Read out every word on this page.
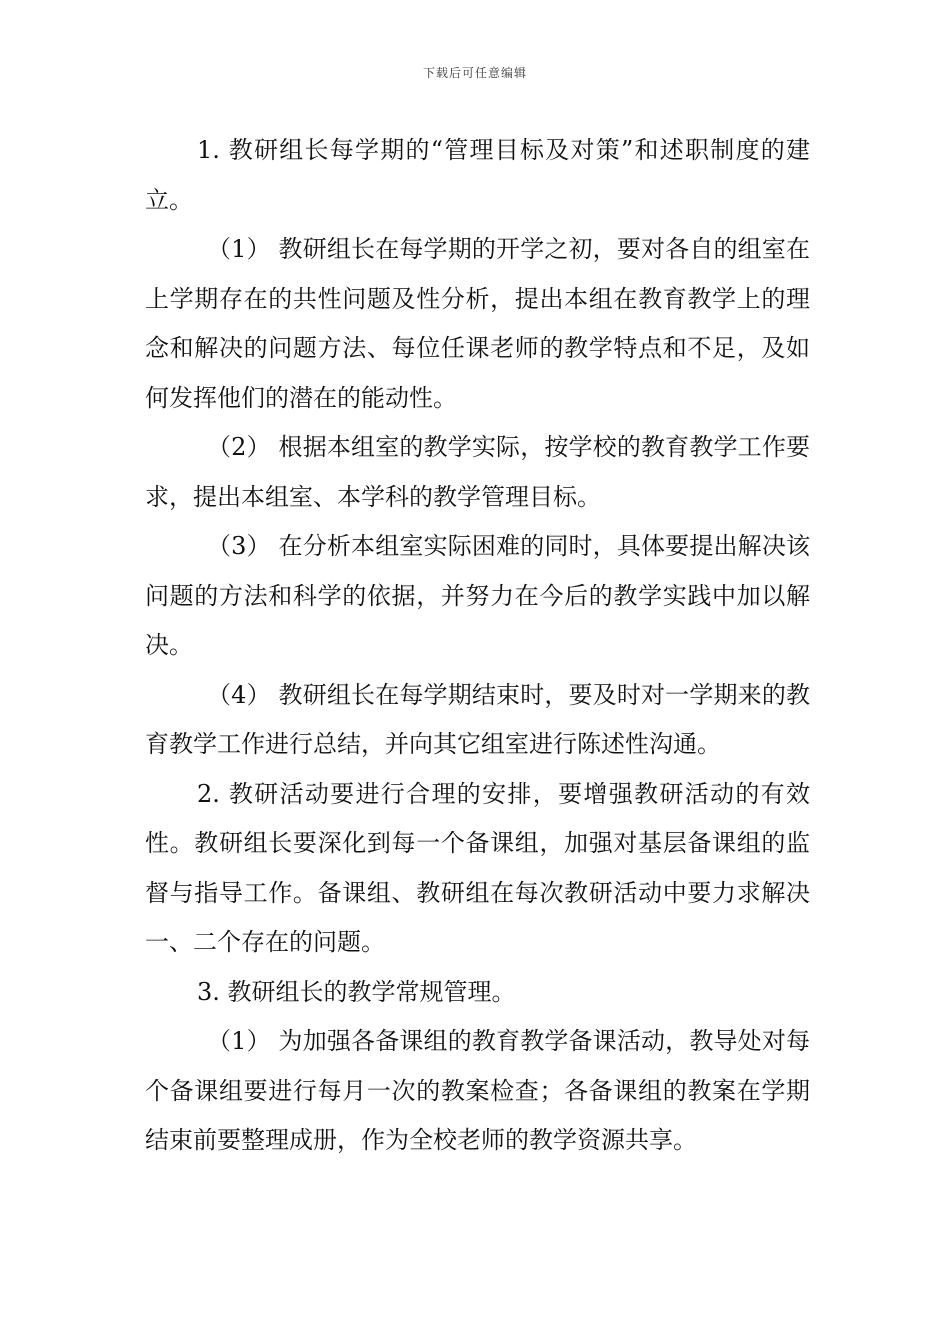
下载后可任意编辑

1. 教研组长每学期的“管理目标及对策”和述职制度的建立。

（1） 教研组长在每学期的开学之初，要对各自的组室在上学期存在的共性问题及性分析，提出本组在教育教学上的理念和解决的问题方法、每位任课老师的教学特点和不足，及如何发挥他们的潜在的能动性。

（2） 根据本组室的教学实际，按学校的教育教学工作要求，提出本组室、本学科的教学管理目标。

（3） 在分析本组室实际困难的同时，具体要提出解决该问题的方法和科学的依据，并努力在今后的教学实践中加以解决。

（4） 教研组长在每学期结束时，要及时对一学期来的教育教学工作进行总结，并向其它组室进行陈述性沟通。

2. 教研活动要进行合理的安排，要增强教研活动的有效性。教研组长要深化到每一个备课组，加强对基层备课组的监督与指导工作。备课组、教研组在每次教研活动中要力求解决一、二个存在的问题。

3. 教研组长的教学常规管理。

（1） 为加强各备课组的教育教学备课活动，教导处对每个备课组要进行每月一次的教案检查；各备课组的教案在学期结束前要整理成册，作为全校老师的教学资源共享。
